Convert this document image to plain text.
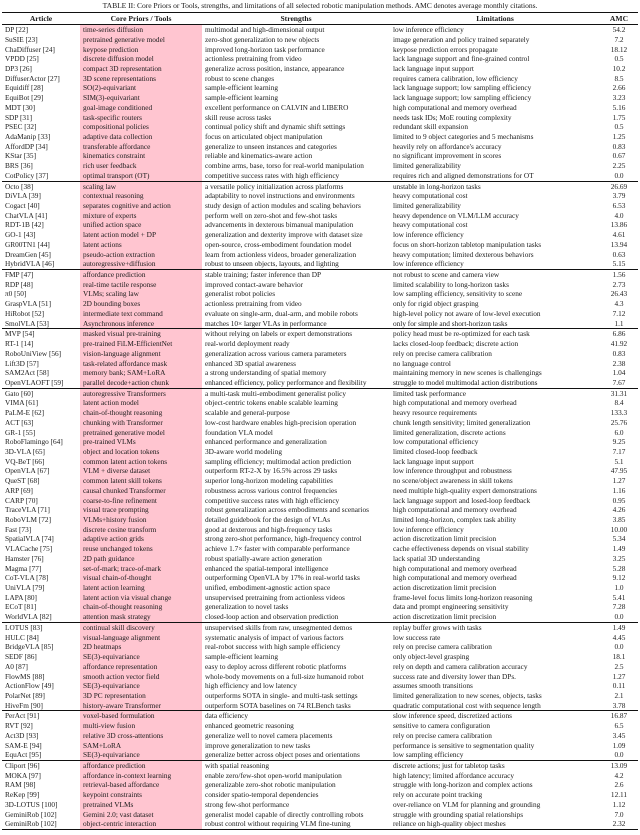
TABLE II: Core Priors or Tools, strengths, and limitations of all selected robotic manipulation methods. AMC denotes average monthly citations.
Article	Core Priors / Tools	Strengths	Limitations	AMC
DP [22]	time-series diffusion	multimodal and high-dimensional output	low inference efficiency	54.2
SuSIE [23]	pretrained generative model	zero-shot generalization to new objects	image generation and policy trained separately	7.2
ChaDiffuser [24]	keypose prediction	improved long-horizon task performance	keypose prediction errors propagate	18.12
VPDD [25]	discrete diffusion model	actionless pretraining from video	lack language support and fine-grained control	0.5
DP3 [26]	compact 3D representation	generalize across position, instance, appearance	lack language input support	10.2
DiffuserActor [27]	3D scene representations	robust to scene changes	requires camera calibration, low efficiency	8.5
Equidiff [28]	SO(2)-equivariant	sample-efficient learning	lack language support; low sampling efficiency	2.66
EquiBot [29]	SIM(3)-equivariant	sample-efficient learning	lack language support; low sampling efficiency	3.23
MDT [30]	goal-image conditioned	excellent performance on CALVIN and LIBERO	high computational and memory overhead	5.16
SDP [31]	task-specific routers	skill reuse across tasks	needs task IDs; MoE routing complexity	1.75
PSEC [32]	compositional policies	continual policy shift and dynamic shift settings	redundant skill expansion	0.5
AdaManip [33]	adaptive data collection	focus on articulated object manipulation	limited to 9 object categories and 5 mechanisms	1.25
AffordDP [34]	transferable affordance	generalize to unseen instances and categories	heavily rely on affordance's accuracy	0.83
KStar [35]	kinematics constraint	reliable and kinematics-aware action	no significant improvement in scores	0.67
BRS [36]	rich user feedback	combine arms, base, torso for real-world manipulation	limited generalizability	2.25
CotPolicy [37]	optimal transport (OT)	competitive success rates with high efficiency	requires rich and aligned demonstrations for OT	0.0
Octo [38]	scaling law	a versatile policy initialization across platforms	unstable in long-horizon tasks	26.69
DiVLA [39]	contextual reasoning	adaptability to novel instructions and environments	heavy computational cost	3.79
Cogact [40]	separates cognitive and action	study design of action modules and scaling behaviors	limited generalizability	6.53
ChatVLA [41]	mixture of experts	perform well on zero-shot and few-shot tasks	heavy dependence on VLM/LLM accuracy	4.0
RDT-1B [42]	unified action space	advancements in dexterous bimanual manipulation	heavy computational cost	13.86
GO-1 [43]	latent action model + DP	generalization and dexterity improve with dataset size	low inference efficiency	4.61
GR00TN1 [44]	latent actions	open-source, cross-embodiment foundation model	focus on short-horizon tabletop manipulation tasks	13.94
DreamGen [45]	pseudo-action extraction	learn from actionless videos, broader generalization	heavy computation; limited dexterous behaviors	0.63
HybridVLA [46]	autoregressive+diffusion	robust to unseen objects, layouts, and lighting	low inference efficiency	5.15
FMP [47]	affordance prediction	stable training; faster inference than DP	not robust to scene and camera view	1.56
RDP [48]	real-time tactile response	improved contact-aware behavior	limited scalability to long-horizon tasks	2.73
π0 [50]	VLMs; scaling law	generalist robot policies	low sampling efficiency, sensitivity to scene	26.43
GraspVLA [51]	2D bounding boxes	actionless pretraining from video	only for rigid object grasping	4.3
HiRobot [52]	intermediate text command	evaluate on single-arm, dual-arm, and mobile robots	high-level policy not aware of low-level execution	7.12
SmolVLA [53]	Asynchronous inference	matches 10× larger VLAs in performance	only for simple and short-horizon tasks	1.1
MVP [54]	masked visual pre-training	without relying on labels or expert demonstrations	policy head must be re-optimized for each task	6.86
RT-1 [14]	pre-trained FiLM-EfficientNet	real-world deployment ready	lacks closed-loop feedback; discrete action	41.92
RoboUniView [56]	vision-language alignment	generalization across various camera parameters	rely on precise camera calibration	0.83
Lift3D [57]	task-related affordance mask	enhanced 3D spatial awareness	no language control	2.38
SAM2Act [58]	memory bank; SAM+LoRA	a strong understanding of spatial memory	maintaining memory in new scenes is challengings	1.04
OpenVLAOFT [59]	parallel decode+action chunk	enhanced efficiency, policy performance and flexibility	struggle to model multimodal action distributions	7.67
Gato [60]	autoregressive Transformers	a multi-task multi-embodiment generalist policy	limited task performance	31.31
VIMA [61]	latent action model	object-centric tokens enable scalable learning	high computational and memory overhead	8.4
PaLM-E [62]	chain-of-thought reasoning	scalable and general-purpose	heavy resource requirements	133.3
ACT [63]	chunking with Transformer	low-cost hardware enables high-precision operation	chunk length sensitivity; limited generalization	25.76
GR-1 [55]	pretrained generative model	foundation VLA model	limited generalization, discrete actions	6.0
RoboFlamingo [64]	pre-trained VLMs	enhanced performance and generalization	low computational efficiency	9.25
3D-VLA [65]	object and location tokens	3D-aware world modeling	limited closed-loop feedback	7.17
VQ-BeT [66]	common latent action tokens	sampling efficiency; multimodal action prediction	lack language input support	5.1
OpenVLA [67]	VLM + diverse dataset	outperform RT-2-X by 16.5% across 29 tasks	low inference throughput and robustness	47.95
QueST [68]	common latent skill tokens	superior long-horizon modeling capabilities	no scene/object awareness in skill tokens	1.27
ARP [69]	causal chunked Transformer	robustness across various control frequencies	need multiple high-quality expert demonstrations	1.16
CARP [70]	coarse-to-fine refinement	competitive success rates with high efficiency	lack language support and losed-loop feedback	0.95
TraceVLA [71]	visual trace prompting	robust generalization across embodiments and scenarios	high computational and memory overhead	4.26
RoboVLM [72]	VLMs+history fusion	detailed guidebook for the design of VLAs	limited long-horizon, complex task ability	3.85
Fast [73]	discrete cosine transform	good at dexterous and high-frequency tasks	low inference efficiency	10.00
SpatialVLA [74]	adaptive action grids	strong zero-shot performance, high-frequency control	action discretization limit precision	5.34
VLACache [75]	reuse unchanged tokens	achieve 1.7× faster with comparable performance	cache effectiveness depends on visual stability	1.49
Hamster [76]	2D path guidance	robust spatially-aware action generation	lack spatial 3D understanding	3.25
Magma [77]	set-of-mark; trace-of-mark	enhanced the spatial-temporal intelligence	high computational and memory overhead	5.28
CoT-VLA [78]	visual chain-of-thought	outperforming OpenVLA by 17% in real-world tasks	high computational and memory overhead	9.12
UniVLA [79]	latent action learning	unified, embodiment-agnostic action space	action discretization limit precision	1.0
LAPA [80]	latent action via visual change	unsupervised pretraining from actionless videos	frame-level focus limits long-horizon reasoning	5.41
ECoT [81]	chain-of-thought reasoning	generalization to novel tasks	data and prompt engineering sensitivity	7.28
WorldVLA [82]	attention mask strategy	closed-loop action and observation prediction	action discretization limit precision	0.0
LOTUS [83]	continual skill discovery	unsupervised skills from raw, unsegmented demos	replay buffer grows with tasks	1.49
HULC [84]	visual-language alignment	systematic analysis of impact of various factors	low success rate	4.45
BridgeVLA [85]	2D heatmaps	real-robot success with high sample efficiency	rely on precise camera calibration	0.0
SEDF [86]	SE(3)-equivariance	sample-efficient learning	only object-level grasping	18.1
A0 [87]	affordance representation	easy to deploy across different robotic platforms	rely on depth and camera calibration accuracy	2.5
FlowMS [88]	smooth action vector field	whole-body movements on a full-size humanoid robot	success rate and diversity lower than DPs.	1.27
ActionFlow [49]	SE(3)-equivariance	high efficiency and low latency	assumes smooth transitions	0.11
PolarNet [89]	3D PC representation	outperforms SOTA in single- and multi-task settings	limited generalization to new scenes, objects, tasks	2.1
HiveFm [90]	history-aware Transformer	outperform SOTA baselines on 74 RLBench tasks	quadratic computational cost with sequence length	3.78
PerAct [91]	voxel-based formulation	data efficiency	slow inference speed, discretized actions	16.87
RVT [92]	multi-view fusion	enhanced geometric reasoning	sensitive to camera configuration	6.5
Act3D [93]	relative 3D cross-attentions	generalize well to novel camera placements	rely on precise camera calibration	3.45
SAM-E [94]	SAM+LoRA	improve generalization to new tasks	performance is sensitive to segmentation quality	1.09
EquAct [95]	SE(3)-equivariance	generalize better across object poses and orientations	low sampling efficiency	0.0
Cliport [96]	affordance prediction	with spatial reasoning	discrete actions; just for tabletop tasks	13.09
MOKA [97]	affordance in-context learning	enable zero/few-shot open-world manipulation	high latency; limited affordance accuracy	4.2
RAM [98]	retrieval-based affordance	generalizable zero-shot robotic manipulation	struggle with long-horizon and complex actions	2.6
ReKep [99]	keypoint constraints	consider spatio-temporal dependencies	rely on accurate point tracking	12.11
3D-LOTUS [100]	pretrained VLMs	strong few-shot performance	over-reliance on VLM for planning and grounding	1.12
GeminiRob [102]	Gemini 2.0; vast dataset	generalist model capable of directly controlling robots	struggle with grounding spatial relationships	7.0
GeminiRob [102]	object-centric interaction	robust control without requiring VLM fine-tuning	reliance on high-quality object meshes	2.32
